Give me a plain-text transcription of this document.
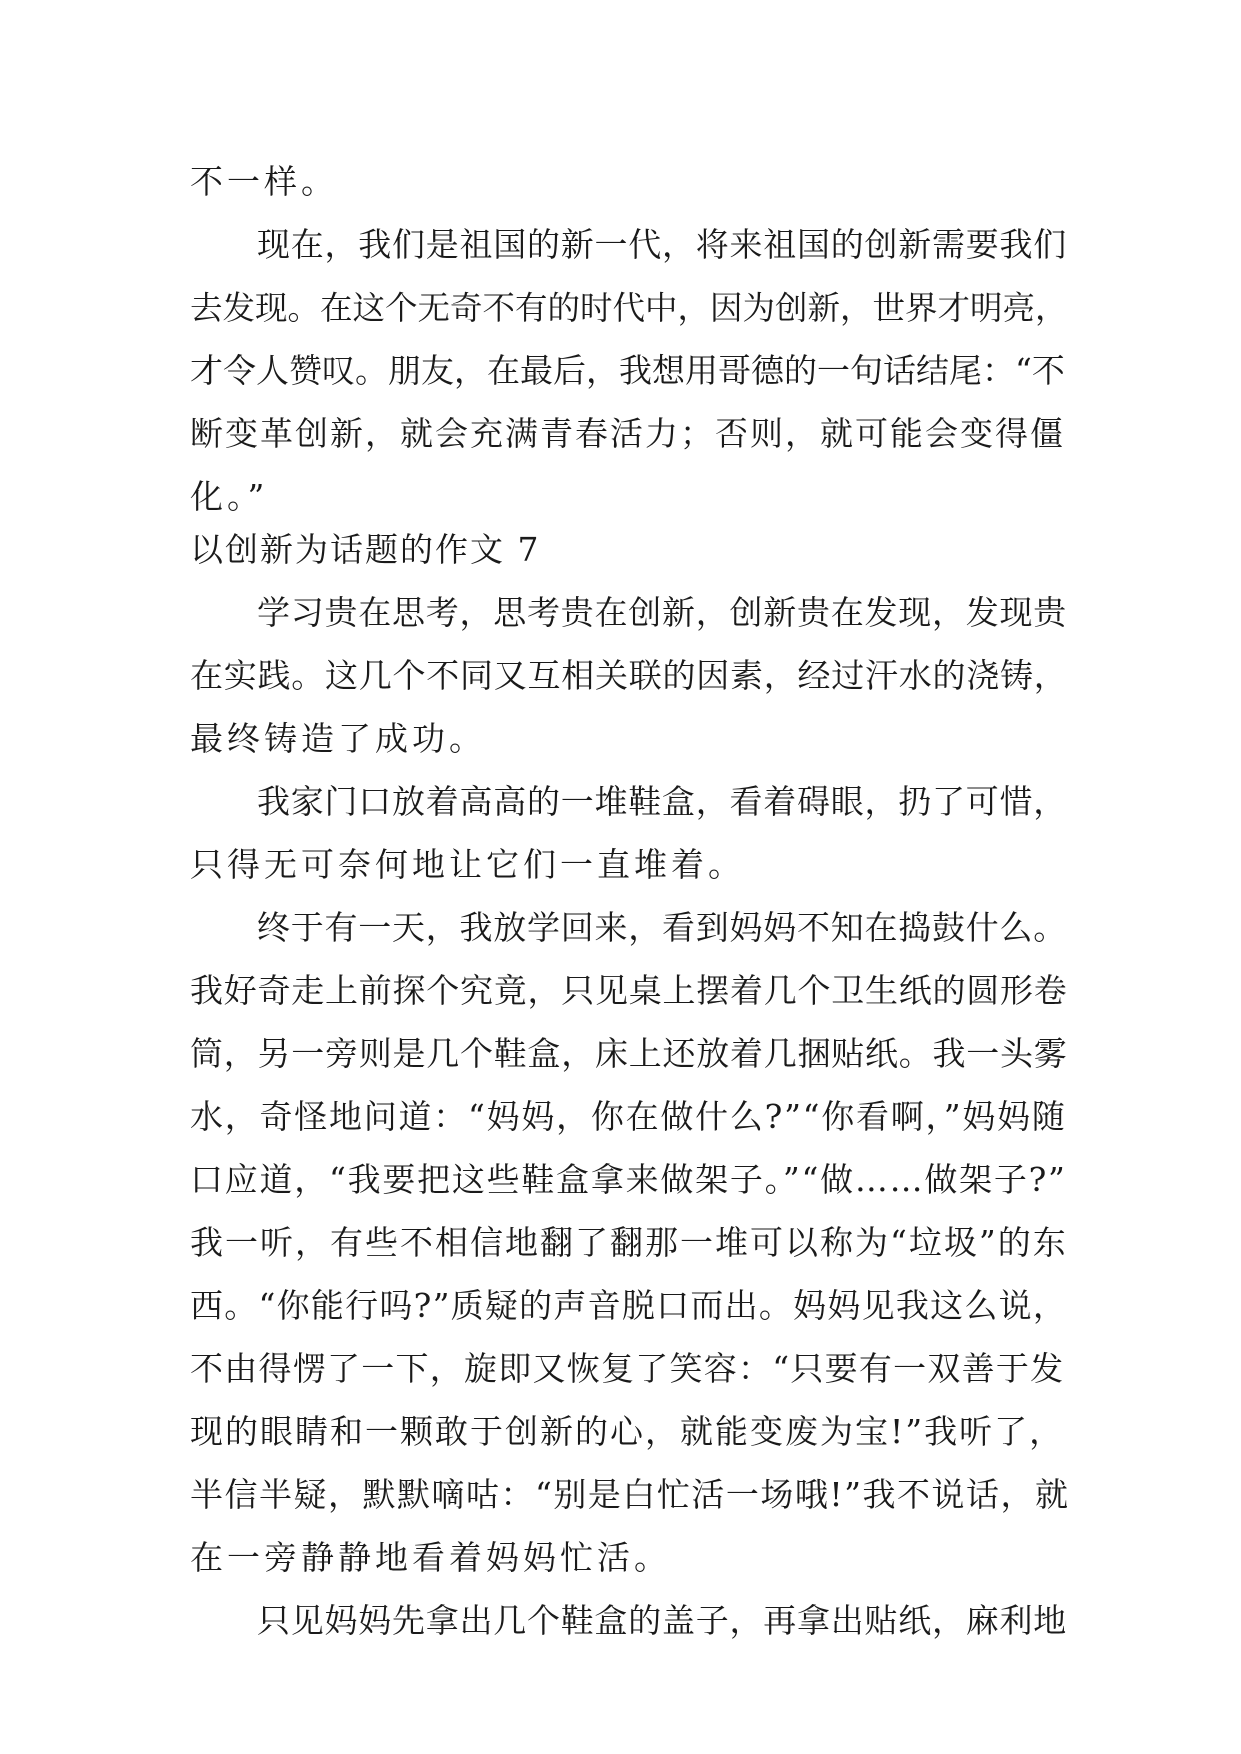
不一样。

现在，我们是祖国的新一代，将来祖国的创新需要我们

去发现。在这个无奇不有的时代中，因为创新，世界才明亮，

才令人赞叹。朋友，在最后，我想用哥德的一句话结尾：“不

断变革创新，就会充满青春活力；否则，就可能会变得僵

化。”

以创新为话题的作文 7

学习贵在思考，思考贵在创新，创新贵在发现，发现贵

在实践。这几个不同又互相关联的因素，经过汗水的浇铸，

最终铸造了成功。

我家门口放着高高的一堆鞋盒，看着碍眼，扔了可惜，

只得无可奈何地让它们一直堆着。

终于有一天，我放学回来，看到妈妈不知在捣鼓什么。

我好奇走上前探个究竟，只见桌上摆着几个卫生纸的圆形卷

筒，另一旁则是几个鞋盒，床上还放着几捆贴纸。我一头雾

水，奇怪地问道：“妈妈，你在做什么?”“你看啊，”妈妈随

口应道，“我要把这些鞋盒拿来做架子。”“做……做架子?”

我一听，有些不相信地翻了翻那一堆可以称为“垃圾”的东

西。“你能行吗?”质疑的声音脱口而出。妈妈见我这么说，

不由得愣了一下，旋即又恢复了笑容：“只要有一双善于发

现的眼睛和一颗敢于创新的心，就能变废为宝!”我听了，

半信半疑，默默嘀咕：“别是白忙活一场哦!”我不说话，就

在一旁静静地看着妈妈忙活。

只见妈妈先拿出几个鞋盒的盖子，再拿出贴纸，麻利地
